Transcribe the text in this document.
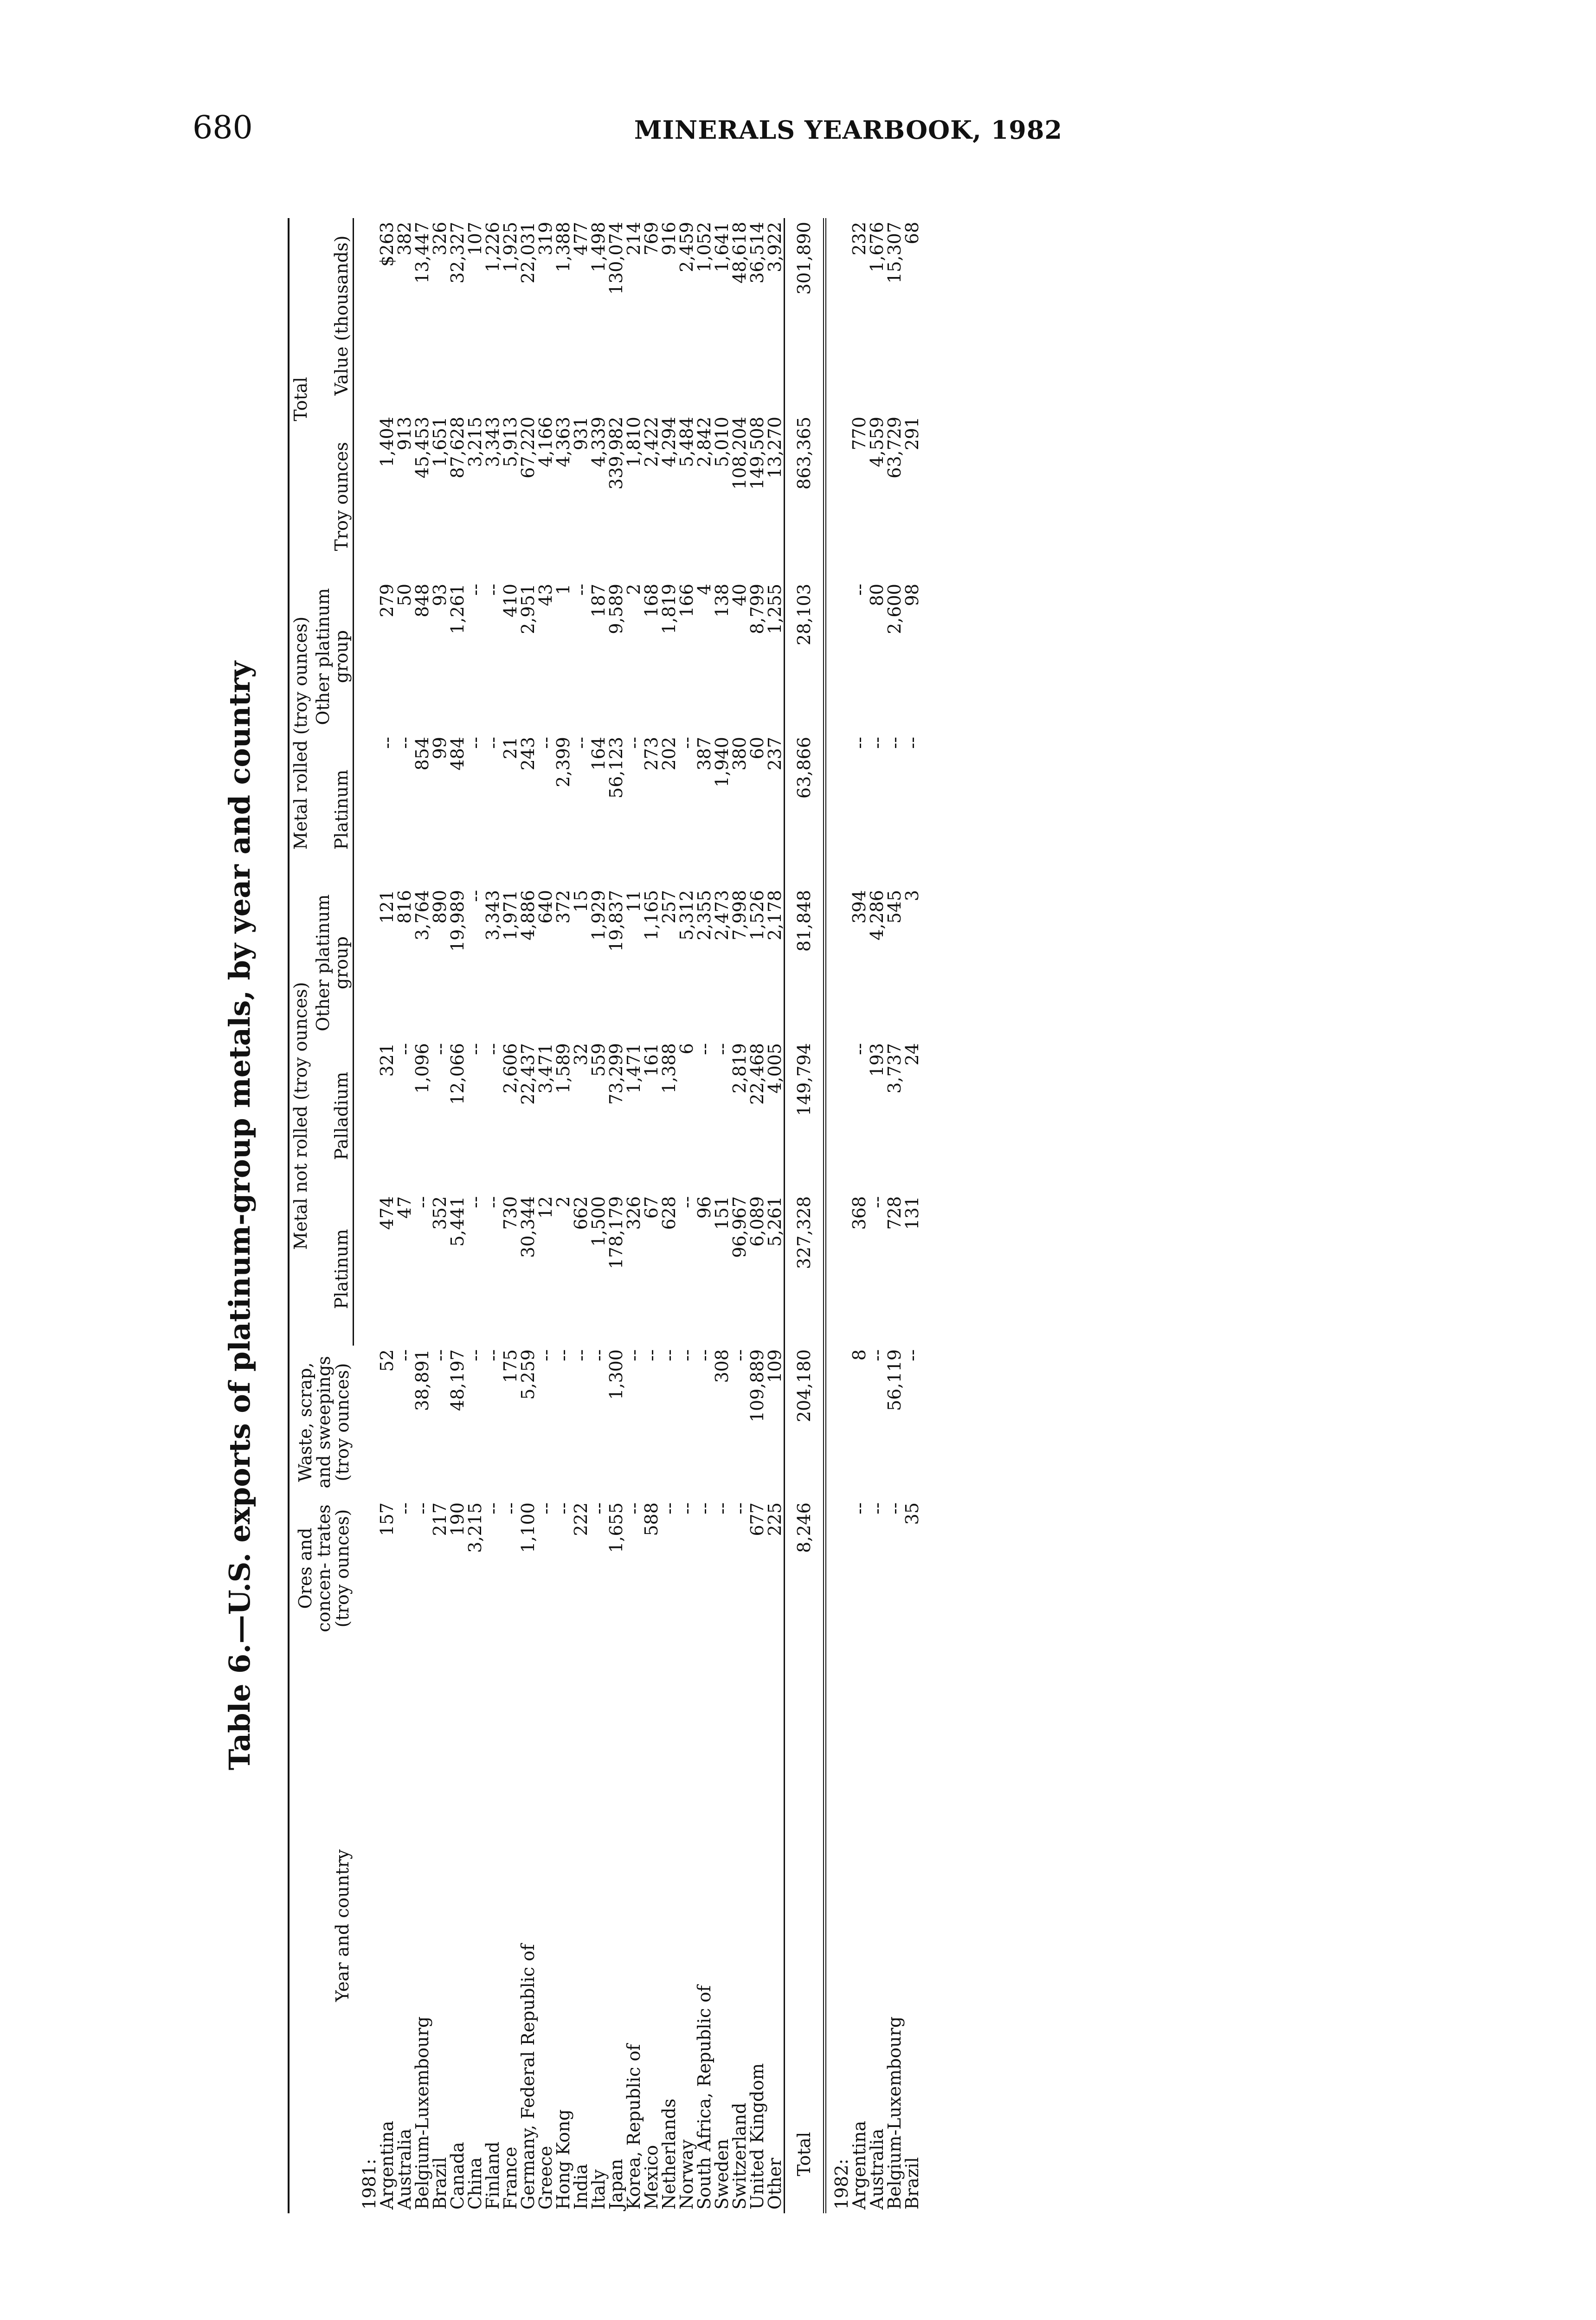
680	MINERALS YEARBOOK, 1982
Table 6.—U.S. exports of platinum-group metals, by year and country
Year and country	Ores and concen- trates (troy ounces)	Waste, scrap, and sweepings (troy ounces)	Metal not rolled (troy ounces)			Metal rolled (troy ounces)		Total	

			Platinum	Palladium	Other platinum group	Platinum	Other platinum group	Troy ounces	Value (thousands)
1981:									
Argentina	157	52	474	321	121	--	279	1,404	$263
Australia	--	--	47	--	816	--	50	913	382
Belgium-Luxembourg	--	38,891	--	1,096	3,764	854	848	45,453	13,447
Brazil	217	--	352	--	890	99	93	1,651	326
Canada	190	48,197	5,441	12,066	19,989	484	1,261	87,628	32,327
China	3,215	--	--	--	--	--	--	3,215	107
Finland	--	--	--	--	3,343	--	--	3,343	1,226
France	--	175	730	2,606	1,971	21	410	5,913	1,925
Germany, Federal Republic of	1,100	5,259	30,344	22,437	4,886	243	2,951	67,220	22,031
Greece	--	--	12	3,471	640	--	43	4,166	319
Hong Kong	--	--	2	1,589	372	2,399	1	4,363	1,388
India	222	--	662	32	15	--	--	931	477
Italy	--	--	1,500	559	1,929	164	187	4,339	1,498
Japan	1,655	1,300	178,179	73,299	19,837	56,123	9,589	339,982	130,074
Korea, Republic of	--	--	326	1,471	11	--	2	1,810	214
Mexico	588	--	67	161	1,165	273	168	2,422	769
Netherlands	--	--	628	1,388	257	202	1,819	4,294	916
Norway	--	--	--	6	5,312	--	166	5,484	2,459
South Africa, Republic of	--	--	96	--	2,355	387	4	2,842	1,052
Sweden	--	308	151	--	2,473	1,940	138	5,010	1,641
Switzerland	--	--	96,967	2,819	7,998	380	40	108,204	48,618
United Kingdom	677	109,889	6,089	22,468	1,526	60	8,799	149,508	36,514
Other	225	109	5,261	4,005	2,178	237	1,255	13,270	3,922
Total	8,246	204,180	327,328	149,794	81,848	63,866	28,103	863,365	301,890
1982:									
Argentina	--	8	368	--	394	--	--	770	232
Australia	--	--	--	193	4,286	--	80	4,559	1,676
Belgium-Luxembourg	--	56,119	728	3,737	545	--	2,600	63,729	15,307
Brazil	35	--	131	24	3	--	98	291	68
